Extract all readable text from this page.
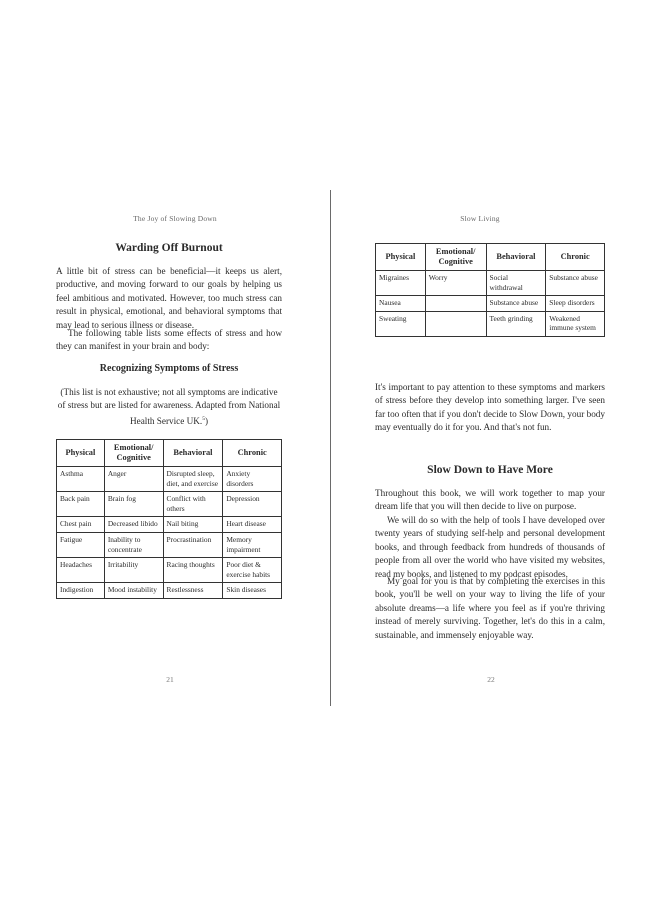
The Joy of Slowing Down
Warding Off Burnout

A little bit of stress can be beneficial—it keeps us alert, productive, and moving forward to our goals by helping us feel ambitious and motivated. However, too much stress can result in physical, emotional, and behavioral symptoms that may lead to serious illness or disease.

The following table lists some effects of stress and how they can manifest in your brain and body:

Recognizing Symptoms of Stress

(This list is not exhaustive; not all symptoms are indicative of stress but are listed for awareness. Adapted from National Health Service UK.$^5$)

Physical	Emotional/ Cognitive	Behavioral	Chronic
Asthma	Anger	Disrupted sleep, diet, and exercise	Anxiety disorders
Back pain	Brain fog	Conflict with others	Depression
Chest pain	Decreased libido	Nail biting	Heart disease
Fatigue	Inability to concentrate	Procrastination	Memory impairment
Headaches	Irritability	Racing thoughts	Poor diet & exercise habits
Indigestion	Mood instability	Restlessness	Skin diseases
21
Slow Living
Physical	Emotional/ Cognitive	Behavioral	Chronic
Migraines	Worry	Social withdrawal	Substance abuse
Nausea		Substance abuse	Sleep disorders
Sweating		Teeth grinding	Weakened immune system

It's important to pay attention to these symptoms and markers of stress before they develop into something larger. I've seen far too often that if you don't decide to Slow Down, your body may eventually do it for you. And that's not fun.

Slow Down to Have More

Throughout this book, we will work together to map your dream life that you will then decide to live on purpose.

We will do so with the help of tools I have developed over twenty years of studying self-help and personal development books, and through feedback from hundreds of thousands of people from all over the world who have visited my websites, read my books, and listened to my podcast episodes.

My goal for you is that by completing the exercises in this book, you'll be well on your way to living the life of your absolute dreams—a life where you feel as if you're thriving instead of merely surviving. Together, let's do this in a calm, sustainable, and immensely enjoyable way.

22
